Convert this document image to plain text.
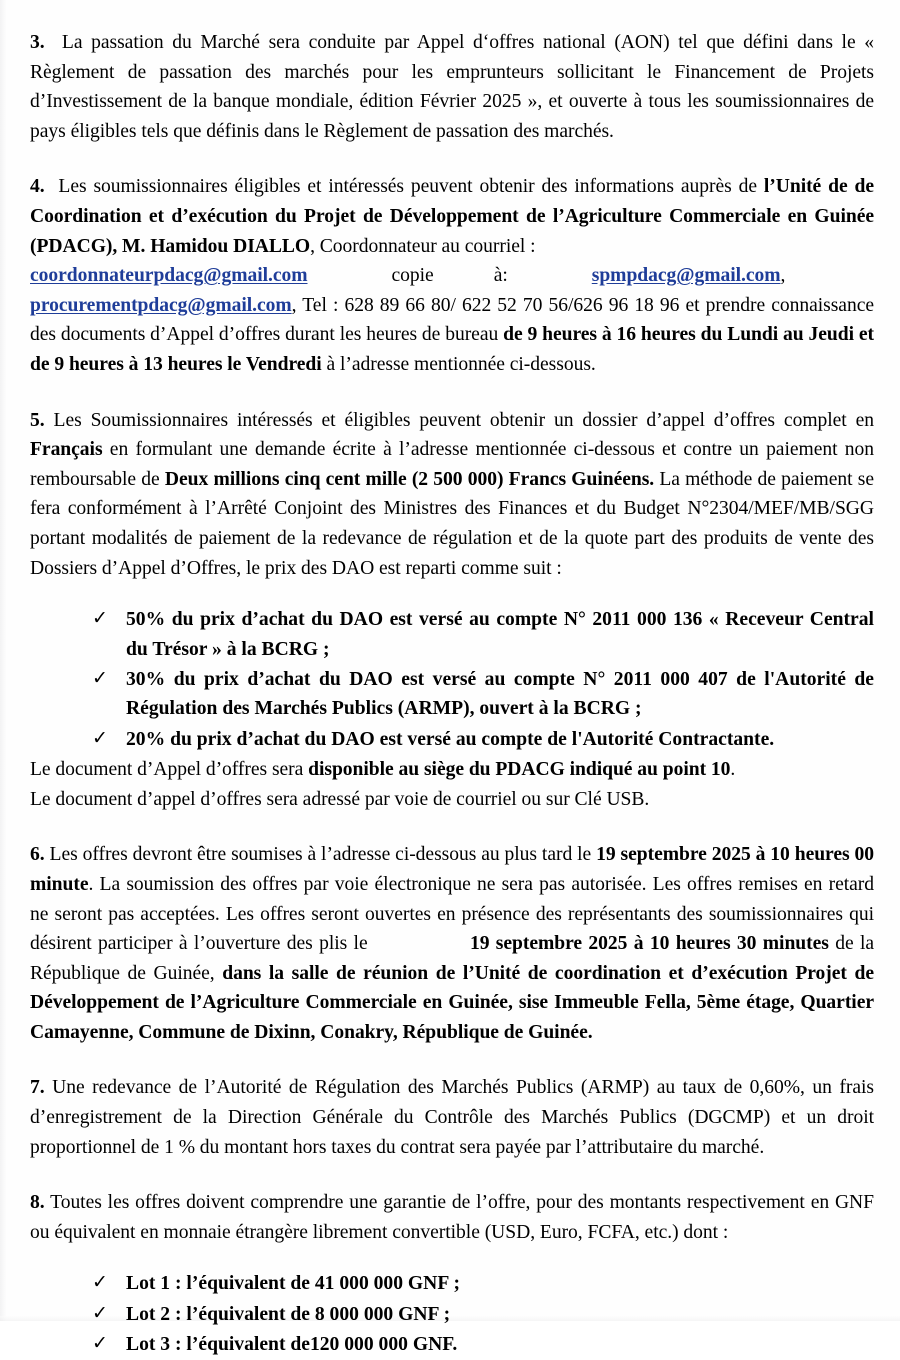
3. La passation du Marché sera conduite par Appel d‘offres national (AON) tel que défini dans le « Règlement de passation des marchés pour les emprunteurs sollicitant le Financement de Projets d’Investissement de la banque mondiale, édition Février 2025 », et ouverte à tous les soumissionnaires de pays éligibles tels que définis dans le Règlement de passation des marchés.

4. Les soumissionnaires éligibles et intéressés peuvent obtenir des informations auprès de l’Unité de de Coordination et d’exécution du Projet de Développement de l’Agriculture Commerciale en Guinée (PDACG), M. Hamidou DIALLO, Coordonnateur au courriel :

coordonnateurpdacg@gmail.com	copie	à:	spmpdacg@gmail.com,

procurementpdacg@gmail.com, Tel : 628 89 66 80/ 622 52 70 56/626 96 18 96 et prendre connaissance des documents d’Appel d’offres durant les heures de bureau de 9 heures à 16 heures du Lundi au Jeudi et de 9 heures à 13 heures le Vendredi à l’adresse mentionnée ci-dessous.

5. Les Soumissionnaires intéressés et éligibles peuvent obtenir un dossier d’appel d’offres complet en Français en formulant une demande écrite à l’adresse mentionnée ci-dessous et contre un paiement non remboursable de Deux millions cinq cent mille (2 500 000) Francs Guinéens. La méthode de paiement se fera conformément à l’Arrêté Conjoint des Ministres des Finances et du Budget N°2304/MEF/MB/SGG portant modalités de paiement de la redevance de régulation et de la quote part des produits de vente des Dossiers d’Appel d’Offres, le prix des DAO est reparti comme suit :

✓ 50% du prix d’achat du DAO est versé au compte N° 2011 000 136 « Receveur Central du Trésor » à la BCRG ;
✓ 30% du prix d’achat du DAO est versé au compte N° 2011 000 407 de l'Autorité de Régulation des Marchés Publics (ARMP), ouvert à la BCRG ;
✓ 20% du prix d’achat du DAO est versé au compte de l'Autorité Contractante.

Le document d’Appel d’offres sera disponible au siège du PDACG indiqué au point 10.

Le document d’appel d’offres sera adressé par voie de courriel ou sur Clé USB.

6. Les offres devront être soumises à l’adresse ci-dessous au plus tard le 19 septembre 2025 à 10 heures 00 minute. La soumission des offres par voie électronique ne sera pas autorisée. Les offres remises en retard ne seront pas acceptées. Les offres seront ouvertes en présence des représentants des soumissionnaires qui désirent participer à l’ouverture des plis le	19 septembre 2025 à 10 heures 30 minutes de la République de Guinée, dans la salle de réunion de l’Unité de coordination et d’exécution Projet de Développement de l’Agriculture Commerciale en Guinée, sise Immeuble Fella, 5ème étage, Quartier Camayenne, Commune de Dixinn, Conakry, République de Guinée.

7. Une redevance de l’Autorité de Régulation des Marchés Publics (ARMP) au taux de 0,60%, un frais d’enregistrement de la Direction Générale du Contrôle des Marchés Publics (DGCMP) et un droit proportionnel de 1 % du montant hors taxes du contrat sera payée par l’attributaire du marché.

8. Toutes les offres doivent comprendre une garantie de l’offre, pour des montants respectivement en GNF ou équivalent en monnaie étrangère librement convertible (USD, Euro, FCFA, etc.) dont :

✓ Lot 1 : l’équivalent de 41 000 000 GNF ;
✓ Lot 2 : l’équivalent de 8 000 000 GNF ;
✓ Lot 3 : l’équivalent de120 000 000 GNF.
